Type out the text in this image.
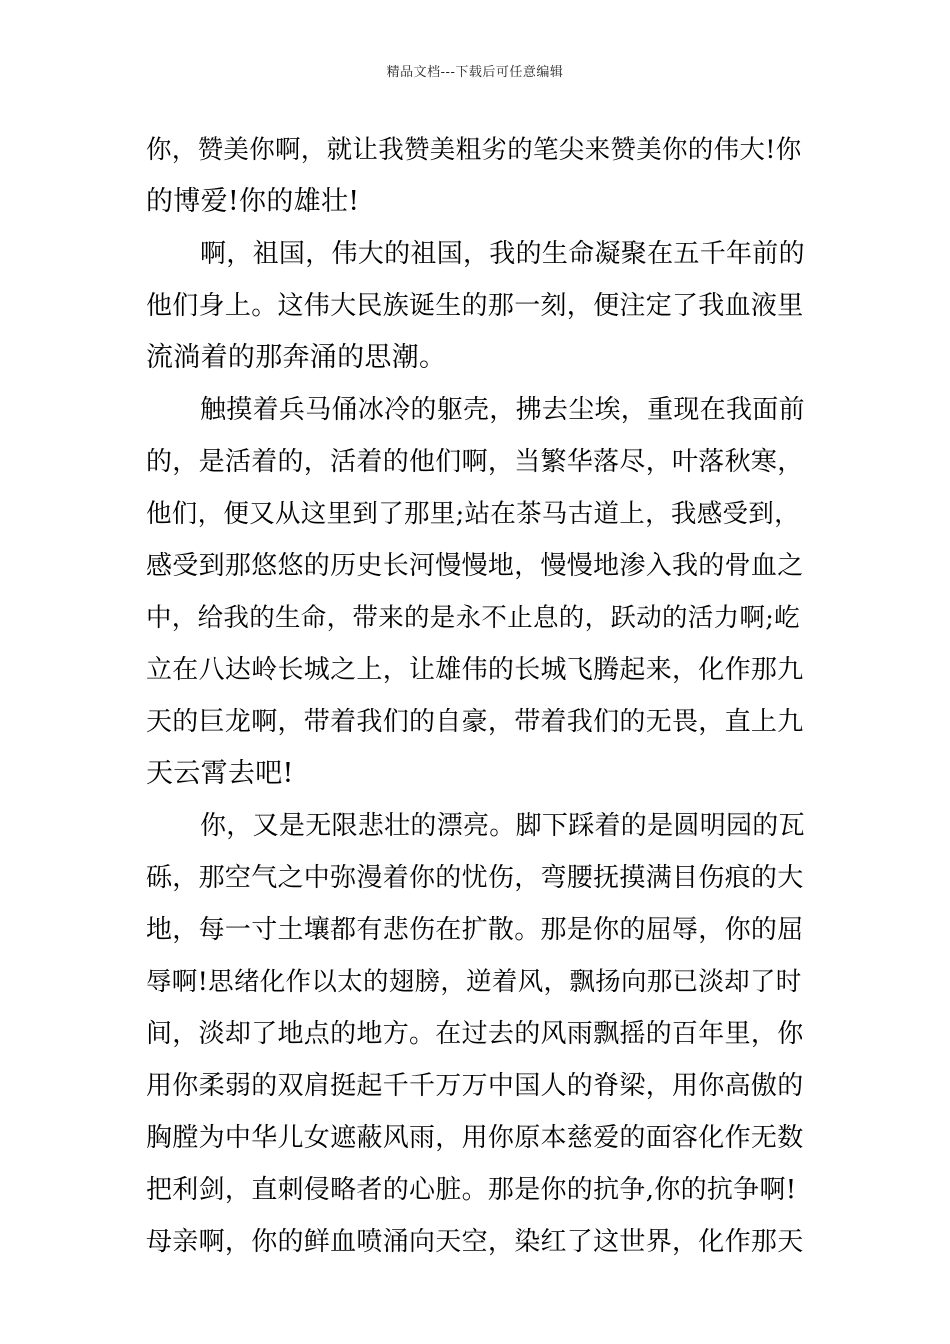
精品文档---下载后可任意编辑
你，赞美你啊，就让我赞美粗劣的笔尖来赞美你的伟大!你
的博爱!你的雄壮!
啊，祖国，伟大的祖国，我的生命凝聚在五千年前的
他们身上。这伟大民族诞生的那一刻，便注定了我血液里
流淌着的那奔涌的思潮。
触摸着兵马俑冰冷的躯壳，拂去尘埃，重现在我面前
的，是活着的，活着的他们啊，当繁华落尽，叶落秋寒，
他们，便又从这里到了那里;站在茶马古道上，我感受到，
感受到那悠悠的历史长河慢慢地，慢慢地渗入我的骨血之
中，给我的生命，带来的是永不止息的，跃动的活力啊;屹
立在八达岭长城之上，让雄伟的长城飞腾起来，化作那九
天的巨龙啊，带着我们的自豪，带着我们的无畏，直上九
天云霄去吧!
你，又是无限悲壮的漂亮。脚下踩着的是圆明园的瓦
砾，那空气之中弥漫着你的忧伤，弯腰抚摸满目伤痕的大
地，每一寸土壤都有悲伤在扩散。那是你的屈辱，你的屈
辱啊!思绪化作以太的翅膀，逆着风，飘扬向那已淡却了时
间，淡却了地点的地方。在过去的风雨飘摇的百年里，你
用你柔弱的双肩挺起千千万万中国人的脊梁，用你高傲的
胸膛为中华儿女遮蔽风雨，用你原本慈爱的面容化作无数
把利剑，直刺侵略者的心脏。那是你的抗争,你的抗争啊!
母亲啊，你的鲜血喷涌向天空，染红了这世界，化作那天
